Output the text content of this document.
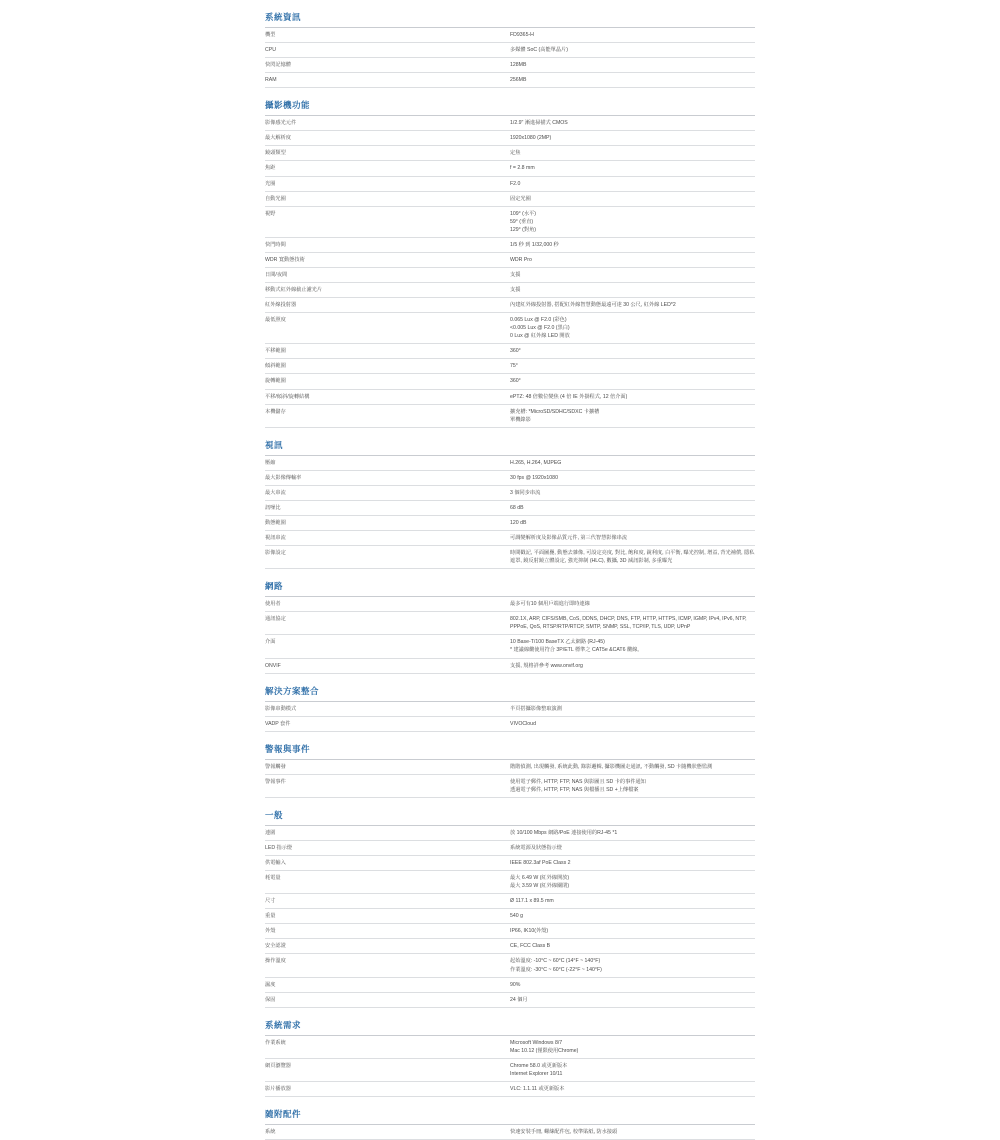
系統資訊	
機型	FD9365-H

CPU	多媒體 SoC (高能單晶片)

快閃記憶體	128MB

RAM	256MB

攝影機功能	
影像感光元件	1/2.9" 漸進掃描式 CMOS

最大解析度	1920x1080 (2MP)

鏡頭類型	定焦

焦距	f = 2.8 mm

光圈	F2.0

自動光圈	固定光圈

視野	109° (水平)
59° (垂直)
129° (對角)

快門時間	1/5 秒 到 1/32,000 秒

WDR 寬動態技術	WDR Pro

日間/夜間	支援

移動式紅外線截止濾光片	支援

紅外線投射器	內建紅外線投射器, 搭配紅外線智慧動態最遠可達 30 公尺, 紅外線 LED*2

最低照度	0.065 Lux @ F2.0 (彩色)
<0.005 Lux @ F2.0 (黑白)
0 Lux @ 紅外線 LED 開放

平移範圍	360°

傾斜範圍	75°

旋轉範圍	360°

平移/傾斜/旋轉結構	ePTZ: 48 倍數位變焦 (4 倍 IE 外掛程式, 12 倍介面)

本機儲存	擴充槽: *MicroSD/SDHC/SDXC 卡擴槽
單機錄影

視訊	
壓縮	H.265, H.264, MJPEG

最大影像傳輸率	30 fps @ 1920x1080

最大串流	3 個同步串流

訊噪比	68 dB

動態範圍	120 dB

視訊串流	可調變解析度及影像品質元件, 第三代智慧影像串流

影像設定	時間戳記, 平面圖疊, 動態去雜像, 可設定亮度, 對比, 飽和度, 銳利度, 白平衡, 曝光控制, 增益, 背光補償, 隱私遮罩, 鏡反射鏡立體設定, 強光抑制 (HLC), 數攝, 3D 減訊影制, 多重曝光

網路	
使用者	最多可有10 個用戶端進行即時連線

通訊協定	802.1X, ARP, CIFS/SMB, CoS, DDNS, DHCP, DNS, FTP, HTTP, HTTPS, ICMP, IGMP, IPv4, IPv6, NTP, PPPoE, QoS, RTSP/RTP/RTCP, SMTP, SNMP, SSL, TCP/IP, TLS, UDP, UPnP

介面	10 Base-T/100 BaseTX 乙太網路 (RJ-45)
* 建議線纜使用符合 3P/ETL 標準之 CAT5e &CAT6 纜線。

ONVIF	支援, 規格詳參考 www.onvif.org

解決方案整合	
影像串動模式	半頁搭攝影像整取演測

VADP 套件	VIVOCloud

警報與事件	
警報觸發	階階偵測, 出現觸發, 系統此動, 錄影邏輯, 攝影機圖走通訊, 不動觸發, SD 卡隨機狀態監測

警報事件	使用電子郵件, HTTP, FTP, NAS 與影圖且 SD 卡的事件通知
透過電子郵件, HTTP, FTP, NAS 與檔播且 SD +上傳檔案

一般	
連圍	放 10/100 Mbps 網路/PoE 連接使用的RJ-45 *1

LED 指示燈	系統電源及狀態指示燈

供電輸入	IEEE 802.3af PoE Class 2

耗電量	最大 6.49 W (紅外線開放)
最大 3.59 W (紅外線關閉)

尺寸	Ø 117.1 x 89.5 mm

重量	540 g

外殼	IP66, IK10(外殼)

安全認證	CE, FCC Class B

操作溫度	起始溫度: -10°C ~ 60°C (14°F ~ 140°F)
作業溫度: -30°C ~ 60°C (-22°F ~ 140°F)

濕度	90%

保固	24 個月

系統需求	
作業系統	Microsoft Windows 8/7
Mac 10.12 (僅限使用Chrome)

網頁瀏覽器	Chrome 58.0 或更新版本
Internet Explorer 10/11

影片播放器	VLC: 1.1.11 或更新版本

隨附配件	
系統	快速安裝手冊, 螺絲配件包, 校準貼紙, 防水接頭
